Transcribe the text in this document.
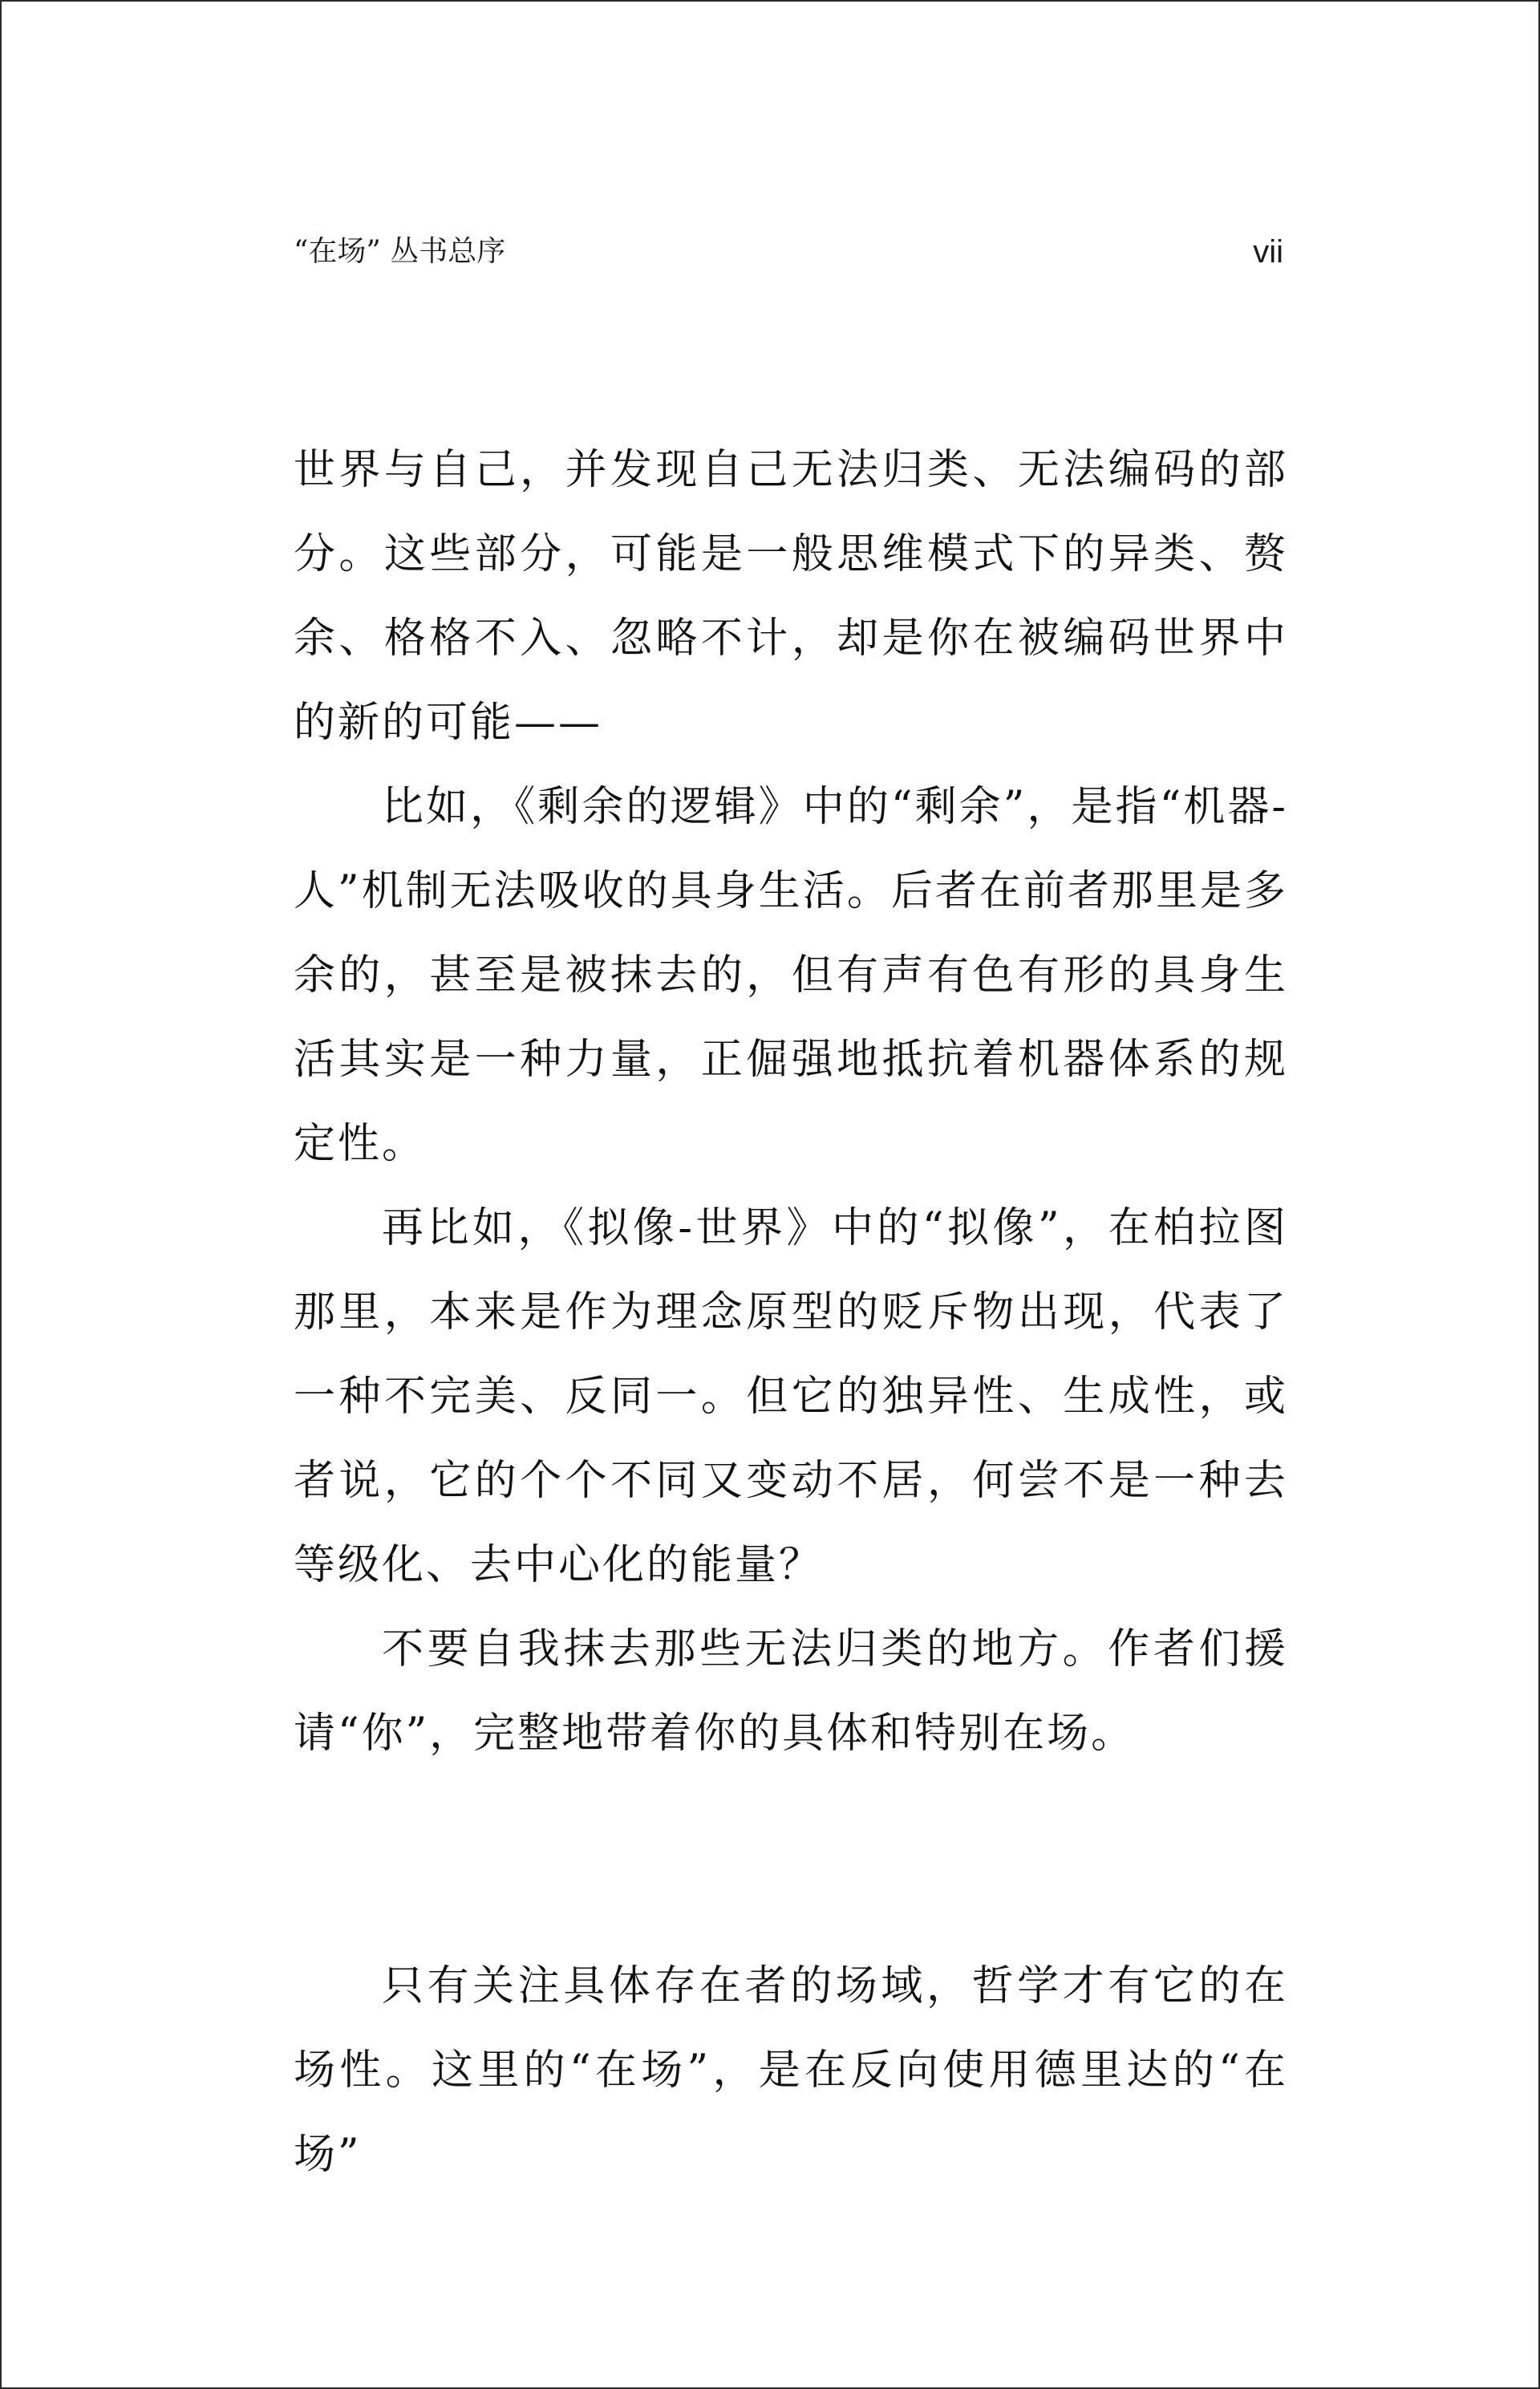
“在场” 丛书总序	vii

世界与自己，并发现自己无法归类、无法编码的部分。这些部分，可能是一般思维模式下的异类、赘余、格格不入、忽略不计，却是你在被编码世界中的新的可能——

比如，《剩余的逻辑》中的“剩余”，是指“机器-人”机制无法吸收的具身生活。后者在前者那里是多余的，甚至是被抹去的，但有声有色有形的具身生活其实是一种力量，正倔强地抵抗着机器体系的规定性。

再比如，《拟像-世界》中的“拟像”，在柏拉图那里，本来是作为理念原型的贬斥物出现，代表了一种不完美、反同一。但它的独异性、生成性，或者说，它的个个不同又变动不居，何尝不是一种去等级化、去中心化的能量？

不要自我抹去那些无法归类的地方。作者们援请“你”，完整地带着你的具体和特别在场。

只有关注具体存在者的场域，哲学才有它的在场性。这里的“在场”，是在反向使用德里达的“在场”
